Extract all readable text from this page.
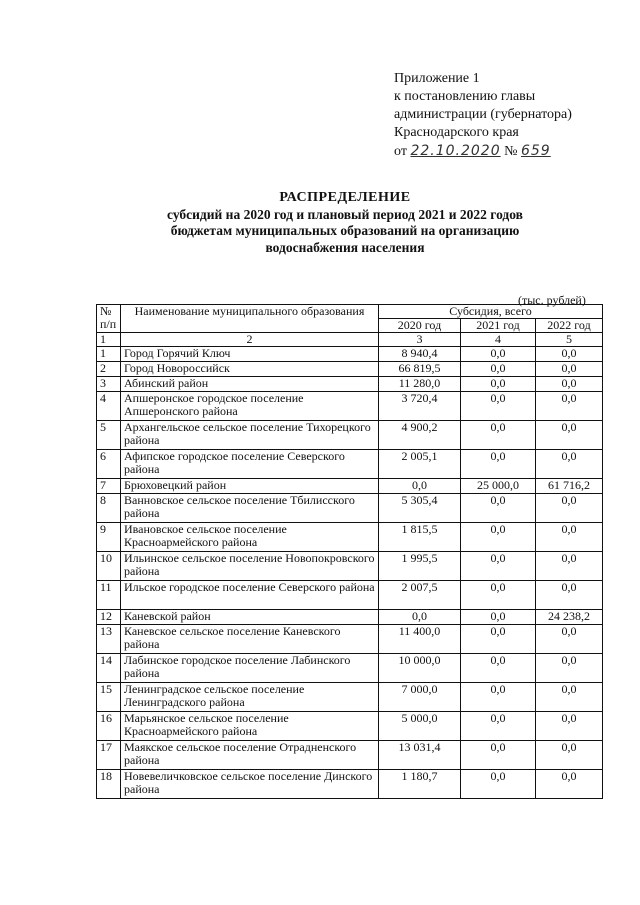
Приложение 1
к постановлению главы
администрации (губернатора)
Краснодарского края
от 22.10.2020 № 659
РАСПРЕДЕЛЕНИЕ
субсидий на 2020 год и плановый период 2021 и 2022 годов
бюджетам муниципальных образований на организацию
водоснабжения населения
(тыс. рублей)
№ п/п	Наименование муниципального образования	Субсидия, всего		
		2020 год	2021 год	2022 год
1	2	3	4	5
1	Город Горячий Ключ	8 940,4	0,0	0,0
2	Город Новороссийск	66 819,5	0,0	0,0
3	Абинский район	11 280,0	0,0	0,0
4	Апшеронское городское поселение Апшеронского района	3 720,4	0,0	0,0
5	Архангельское сельское поселение Тихорецкого района	4 900,2	0,0	0,0
6	Афипское городское поселение Северского района	2 005,1	0,0	0,0
7	Брюховецкий район	0,0	25 000,0	61 716,2
8	Ванновское сельское поселение Тбилисского района	5 305,4	0,0	0,0
9	Ивановское сельское поселение Красноармейского района	1 815,5	0,0	0,0
10	Ильинское сельское поселение Новопокровского района	1 995,5	0,0	0,0
11	Ильское городское поселение Северского района	2 007,5	0,0	0,0
12	Каневской район	0,0	0,0	24 238,2
13	Каневское сельское поселение Каневского района	11 400,0	0,0	0,0
14	Лабинское городское поселение Лабинского района	10 000,0	0,0	0,0
15	Ленинградское сельское поселение Ленинградского района	7 000,0	0,0	0,0
16	Марьянское сельское поселение Красноармейского района	5 000,0	0,0	0,0
17	Маякское сельское поселение Отрадненского района	13 031,4	0,0	0,0
18	Новевеличковское сельское поселение Динского района	1 180,7	0,0	0,0
